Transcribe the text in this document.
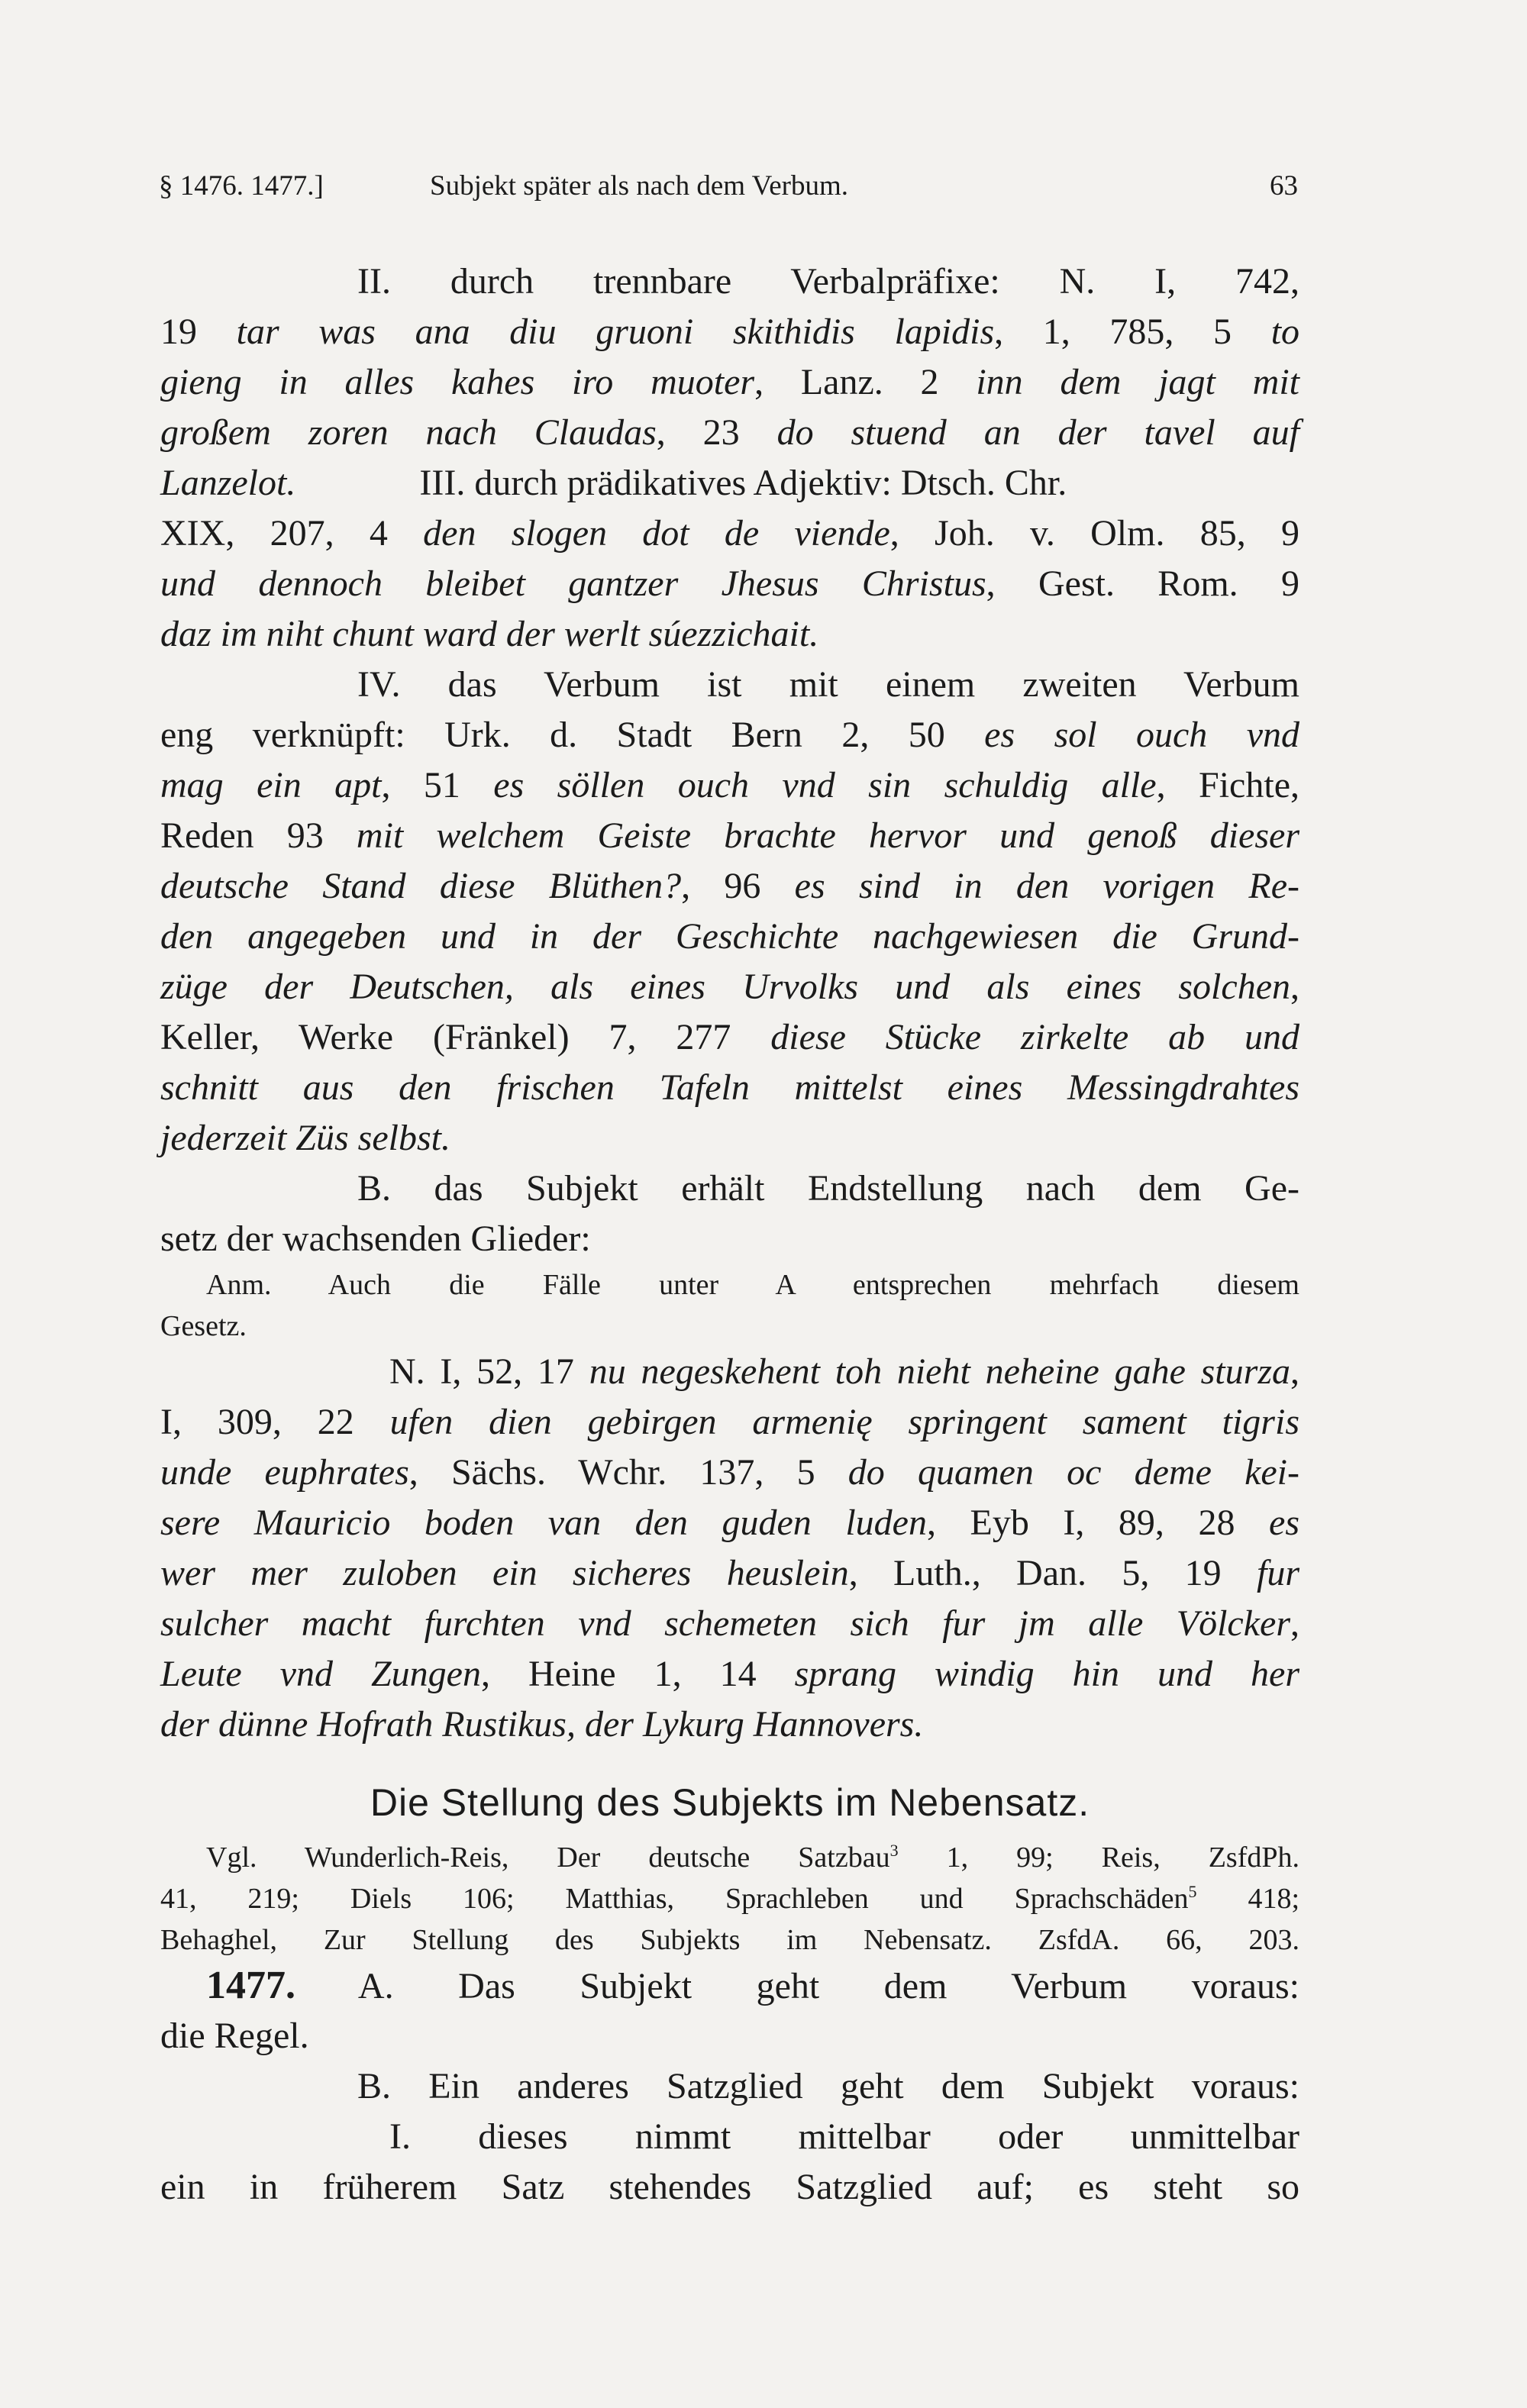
§ 1476. 1477.]	Subjekt später als nach dem Verbum.	63
II. durch trennbare Verbalpräfixe: N. I, 742,
19 tar was ana diu gruoni skithidis lapidis, 1, 785, 5 to
gieng in alles kahes iro muoter, Lanz. 2 inn dem jagt mit
großem zoren nach Claudas, 23 do stuend an der tavel auf
Lanzelot.	III. durch prädikatives Adjektiv: Dtsch. Chr.
XIX, 207, 4 den slogen dot de viende, Joh. v. Olm. 85, 9
und dennoch bleibet gantzer Jhesus Christus, Gest. Rom. 9
daz im niht chunt ward der werlt súezzichait.
IV. das Verbum ist mit einem zweiten Verbum
eng verknüpft: Urk. d. Stadt Bern 2, 50 es sol ouch vnd
mag ein apt, 51 es söllen ouch vnd sin schuldig alle, Fichte,
Reden 93 mit welchem Geiste brachte hervor und genoß dieser
deutsche Stand diese Blüthen?, 96 es sind in den vorigen Re-
den angegeben und in der Geschichte nachgewiesen die Grund-
züge der Deutschen, als eines Urvolks und als eines solchen,
Keller, Werke (Fränkel) 7, 277 diese Stücke zirkelte ab und
schnitt aus den frischen Tafeln mittelst eines Messingdrahtes
jederzeit Züs selbst.
B. das Subjekt erhält Endstellung nach dem Ge-
setz der wachsenden Glieder:
Anm. Auch die Fälle unter A entsprechen mehrfach diesem
Gesetz.
N. I, 52, 17 nu negeskehent toh nieht neheine gahe sturza,
I, 309, 22 ufen dien gebirgen armenię springent sament tigris
unde euphrates, Sächs. Wchr. 137, 5 do quamen oc deme kei-
sere Mauricio boden van den guden luden, Eyb I, 89, 28 es
wer mer zuloben ein sicheres heuslein, Luth., Dan. 5, 19 fur
sulcher macht furchten vnd schemeten sich fur jm alle Völcker,
Leute vnd Zungen, Heine 1, 14 sprang windig hin und her
der dünne Hofrath Rustikus, der Lykurg Hannovers.
Die Stellung des Subjekts im Nebensatz.
Vgl. Wunderlich-Reis, Der deutsche Satzbau$^3$ 1, 99; Reis, ZsfdPh.
41, 219; Diels 106; Matthias, Sprachleben und Sprachschäden$^5$ 418;
Behaghel, Zur Stellung des Subjekts im Nebensatz. ZsfdA. 66, 203.
1477. A. Das Subjekt geht dem Verbum voraus:
die Regel.
B. Ein anderes Satzglied geht dem Subjekt voraus:
I. dieses nimmt mittelbar oder unmittelbar
ein in früherem Satz stehendes Satzglied auf; es steht so
